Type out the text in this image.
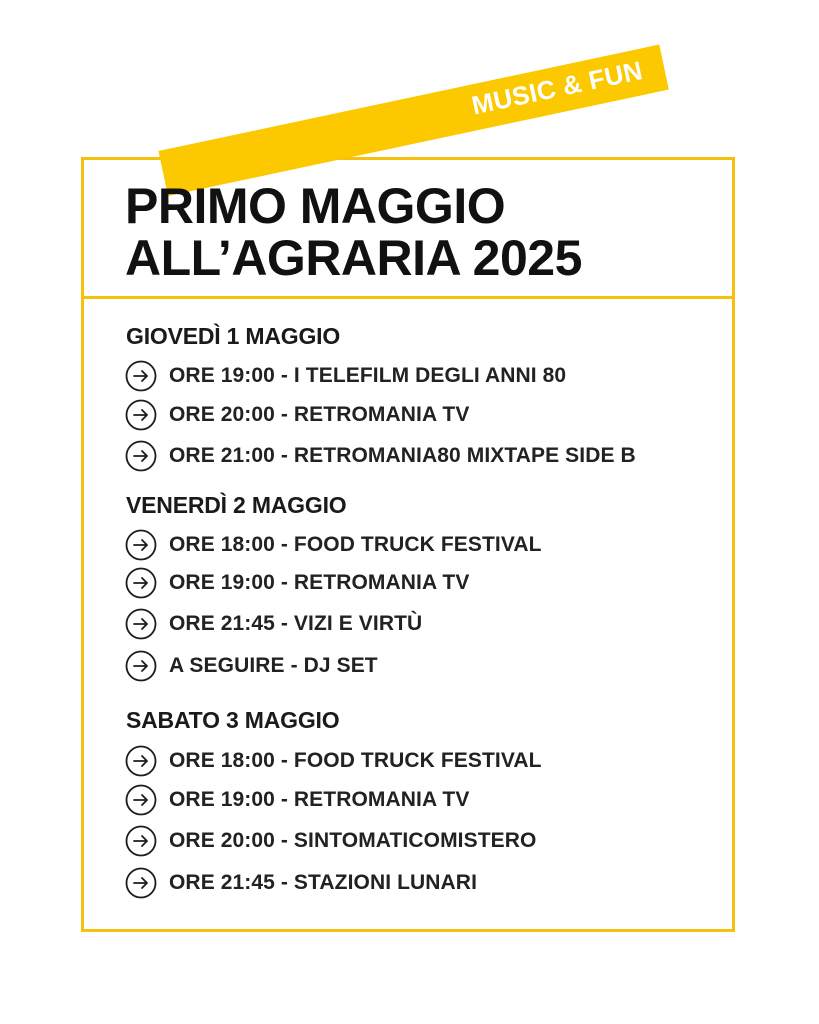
MUSIC & FUN
PRIMO MAGGIO
ALL’AGRARIA 2025
GIOVEDÌ 1 MAGGIO
ORE 19:00 - I TELEFILM DEGLI ANNI 80
ORE 20:00 - RETROMANIA TV
ORE 21:00 - RETROMANIA80 MIXTAPE SIDE B
VENERDÌ 2 MAGGIO
ORE 18:00 - FOOD TRUCK FESTIVAL
ORE 19:00 - RETROMANIA TV
ORE 21:45 - VIZI E VIRTÙ
A SEGUIRE - DJ SET
SABATO 3 MAGGIO
ORE 18:00 - FOOD TRUCK FESTIVAL
ORE 19:00 - RETROMANIA TV
ORE 20:00 - SINTOMATICOMISTERO
ORE 21:45 - STAZIONI LUNARI
